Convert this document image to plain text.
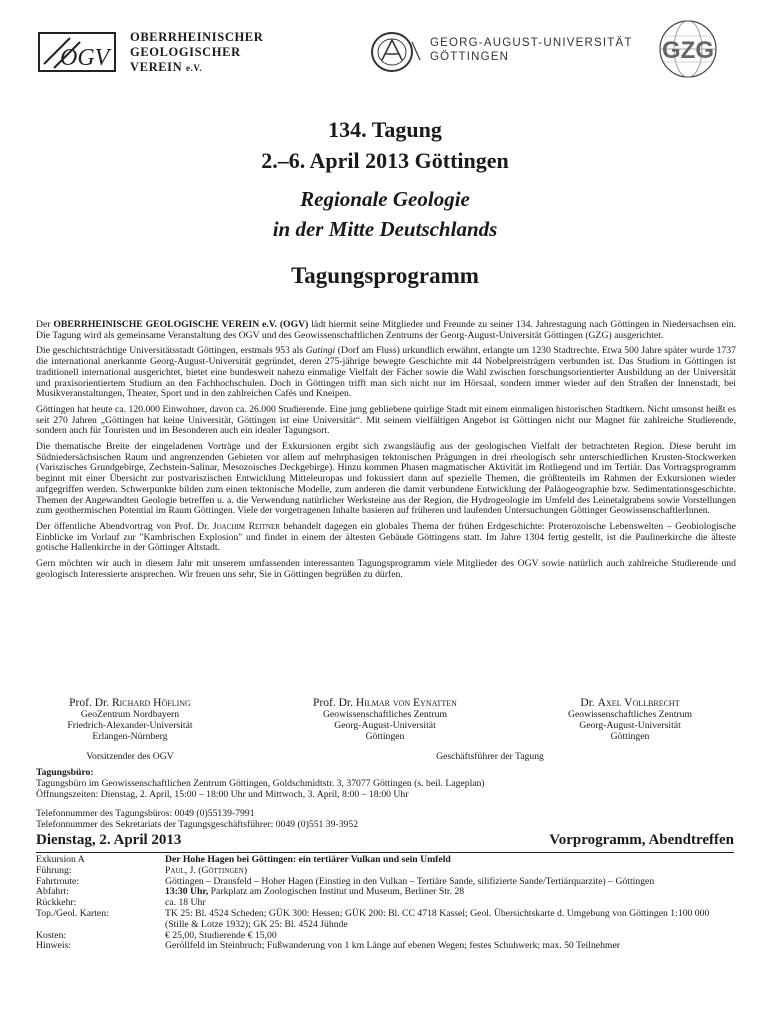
OGV
OBERRHEINISCHER
GEOLOGISCHER
VEREIN e.V.
GEORG-AUGUST-UNIVERSITÄT
GÖTTINGEN	GZG
134. Tagung
2.–6. April 2013 Göttingen
Regionale Geologie
in der Mitte Deutschlands
Tagungsprogramm

Der OBERRHEINISCHE GEOLOGISCHE VEREIN e.V. (OGV) lädt hiermit seine Mitglieder und Freunde zu seiner 134. Jahrestagung nach Göttingen in Niedersachsen ein. Die Tagung wird als gemeinsame Veranstaltung des OGV und des Geowissenschaftlichen Zentrums der Georg-August-Universität Göttingen (GZG) ausgerichtet.

Die geschichtsträchtige Universitätsstadt Göttingen, erstmals 953 als Gutingi (Dorf am Fluss) urkundlich erwähnt, erlangte um 1230 Stadtrechte. Etwa 500 Jahre später wurde 1737 die international anerkannte Georg-August-Universität gegründet, deren 275-jährige bewegte Geschichte mit 44 Nobelpreisträgern verbunden ist. Das Studium in Göttingen ist traditionell international ausgerichtet, bietet eine bundesweit nahezu einmalige Vielfalt der Fächer sowie die Wahl zwischen forschungsorientierter Ausbildung an der Universität und praxisorientiertem Studium an den Fachhochschulen. Doch in Göttingen trifft man sich nicht nur im Hörsaal, sondern immer wieder auf den Straßen der Innenstadt, bei Musikveranstaltungen, Theater, Sport und in den zahlreichen Cafés und Kneipen.

Göttingen hat heute ca. 120.000 Einwohner, davon ca. 26.000 Studierende. Eine jung gebliebene quirlige Stadt mit einem einmaligen historischen Stadtkern. Nicht umsonst heißt es seit 270 Jahren „Göttingen hat keine Universität, Göttingen ist eine Universität“. Mit seinem vielfältigen Angebot ist Göttingen nicht nur Magnet für zahlreiche Studierende, sondern auch für Touristen und im Besonderen auch ein idealer Tagungsort.

Die thematische Breite der eingeladenen Vorträge und der Exkursionen ergibt sich zwangsläufig aus der geologischen Vielfalt der betrachteten Region. Diese beruht im Südniedersächsischen Raum und angrenzenden Gebieten vor allem auf mehrphasigen tektonischen Prägungen in drei rheologisch sehr unterschiedlichen Krusten-Stockwerken (Variszisches Grundgebirge, Zechstein-Salinar, Mesozoisches Deckgebirge). Hinzu kommen Phasen magmatischer Aktivität im Rotliegend und im Tertiär. Das Vortragsprogramm beginnt mit einer Übersicht zur postvariszischen Entwicklung Mitteleuropas und fokussiert dann auf spezielle Themen, die größtenteils im Rahmen der Exkursionen wieder aufgegriffen werden. Schwerpunkte bilden zum einen tektonische Modelle, zum anderen die damit verbundene Entwicklung der Paläogeographie bzw. Sedimentationsgeschichte. Themen der Angewandten Geologie betreffen u. a. die Verwendung natürlicher Werksteine aus der Region, die Hydrogeologie im Umfeld des Leinetalgrabens sowie Vorstellungen zum geothermischen Potential im Raum Göttingen. Viele der vorgetragenen Inhalte basieren auf früheren und laufenden Untersuchungen Göttinger GeowissenschaftlerInnen.

Der öffentliche Abendvortrag von Prof. Dr. Joachim Reitner behandelt dagegen ein globales Thema der frühen Erdgeschichte: Proterozoische Lebenswelten – Geobiologische Einblicke im Vorlauf zur "Kambrischen Explosion" und findet in einem der ältesten Gebäude Göttingens statt. Im Jahre 1304 fertig gestellt, ist die Paulinerkirche die älteste gotische Hallenkirche in der Göttinger Altstadt.

Gern möchten wir auch in diesem Jahr mit unserem umfassenden interessanten Tagungsprogramm viele Mitglieder des OGV sowie natürlich auch zahlreiche Studierende und geologisch Interessierte ansprechen. Wir freuen uns sehr, Sie in Göttingen begrüßen zu dürfen.

Prof. Dr. Richard Höfling
GeoZentrum Nordbayern
Friedrich-Alexander-Universität
Erlangen-Nürnberg
Prof. Dr. Hilmar von Eynatten
Geowissenschaftliches Zentrum
Georg-August-Universität
Göttingen
Dr. Axel Vollbrecht
Geowissenschaftliches Zentrum
Georg-August-Universität
Göttingen
Vorsitzender des OGV	Geschäftsführer der Tagung
Tagungsbüro:
Tagungsbüro im Geowissenschaftlichen Zentrum Göttingen, Goldschmidtstr. 3, 37077 Göttingen (s. beil. Lageplan)
Öffnungszeiten: Dienstag, 2. April, 15:00 – 18:00 Uhr und Mittwoch, 3. April, 8:00 – 18:00 Uhr
Telefonnummer des Tagungsbüros: 0049 (0)55139-7991
Telefonnummer des Sekretariats der Tagungsgeschäftsführer: 0049 (0)551 39-3952
Dienstag, 2. April 2013	Vorprogramm, Abendtreffen
Exkursion A	Der Hohe Hagen bei Göttingen: ein tertiärer Vulkan und sein Umfeld
Führung:	Paul, J. (Göttingen)
Fahrtroute:	Göttingen – Dransfeld – Hoher Hagen (Einstieg in den Vulkan – Tertiäre Sande, silifizierte Sande/Tertiärquarzite) – Göttingen
Abfahrt:	13:30 Uhr, Parkplatz am Zoologischen Institut und Museum, Berliner Str. 28
Rückkehr:	ca. 18 Uhr
Top./Geol. Karten:	TK 25: Bl. 4524 Scheden; GÜK 300: Hessen; GÜK 200: Bl. CC 4718 Kassel; Geol. Übersichtskarte d. Umgebung von Göttingen 1:100 000 (Stille & Lotze 1932); GK 25: Bl. 4524 Jühnde
Kosten:	€ 25,00, Studierende € 15,00
Hinweis:	Geröllfeld im Steinbruch; Fußwanderung von 1 km Länge auf ebenen Wegen; festes Schuhwerk; max. 50 Teilnehmer
